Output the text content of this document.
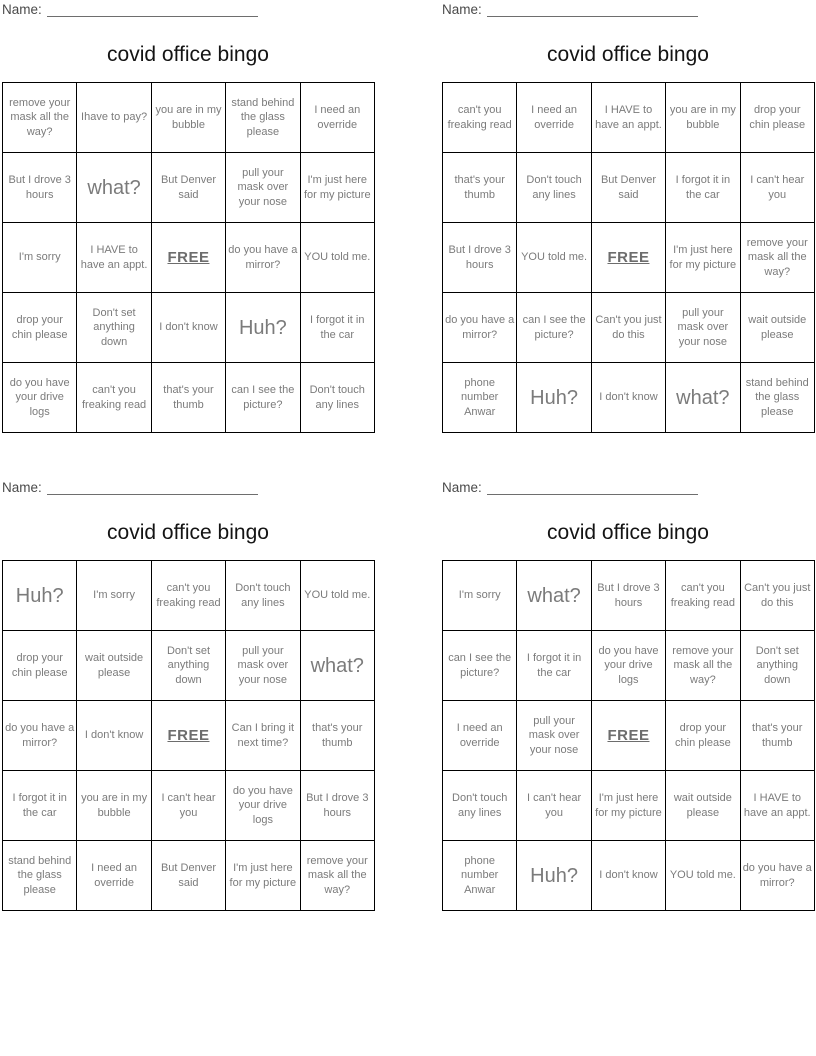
Name:
covid office bingo
remove your mask all the way?	Ihave to pay?	you are in my bubble	stand behind the glass please	I need an override
But I drove 3 hours	what?	But Denver said	pull your mask over your nose	I'm just here for my picture
I'm sorry	I HAVE to have an appt.	FREE	do you have a mirror?	YOU told me.
drop your chin please	Don't set anything down	I don't know	Huh?	I forgot it in the car
do you have your drive logs	can't you freaking read	that's your thumb	can I see the picture?	Don't touch any lines
Name:
covid office bingo
can't you freaking read	I need an override	I HAVE to have an appt.	you are in my bubble	drop your chin please
that's your thumb	Don't touch any lines	But Denver said	I forgot it in the car	I can't hear you
But I drove 3 hours	YOU told me.	FREE	I'm just here for my picture	remove your mask all the way?
do you have a mirror?	can I see the picture?	Can't you just do this	pull your mask over your nose	wait outside please
phone number Anwar	Huh?	I don't know	what?	stand behind the glass please
Name:
covid office bingo
Huh?	I'm sorry	can't you freaking read	Don't touch any lines	YOU told me.
drop your chin please	wait outside please	Don't set anything down	pull your mask over your nose	what?
do you have a mirror?	I don't know	FREE	Can I bring it next time?	that's your thumb
I forgot it in the car	you are in my bubble	I can't hear you	do you have your drive logs	But I drove 3 hours
stand behind the glass please	I need an override	But Denver said	I'm just here for my picture	remove your mask all the way?
Name:
covid office bingo
I'm sorry	what?	But I drove 3 hours	can't you freaking read	Can't you just do this
can I see the picture?	I forgot it in the car	do you have your drive logs	remove your mask all the way?	Don't set anything down
I need an override	pull your mask over your nose	FREE	drop your chin please	that's your thumb
Don't touch any lines	I can't hear you	I'm just here for my picture	wait outside please	I HAVE to have an appt.
phone number Anwar	Huh?	I don't know	YOU told me.	do you have a mirror?
